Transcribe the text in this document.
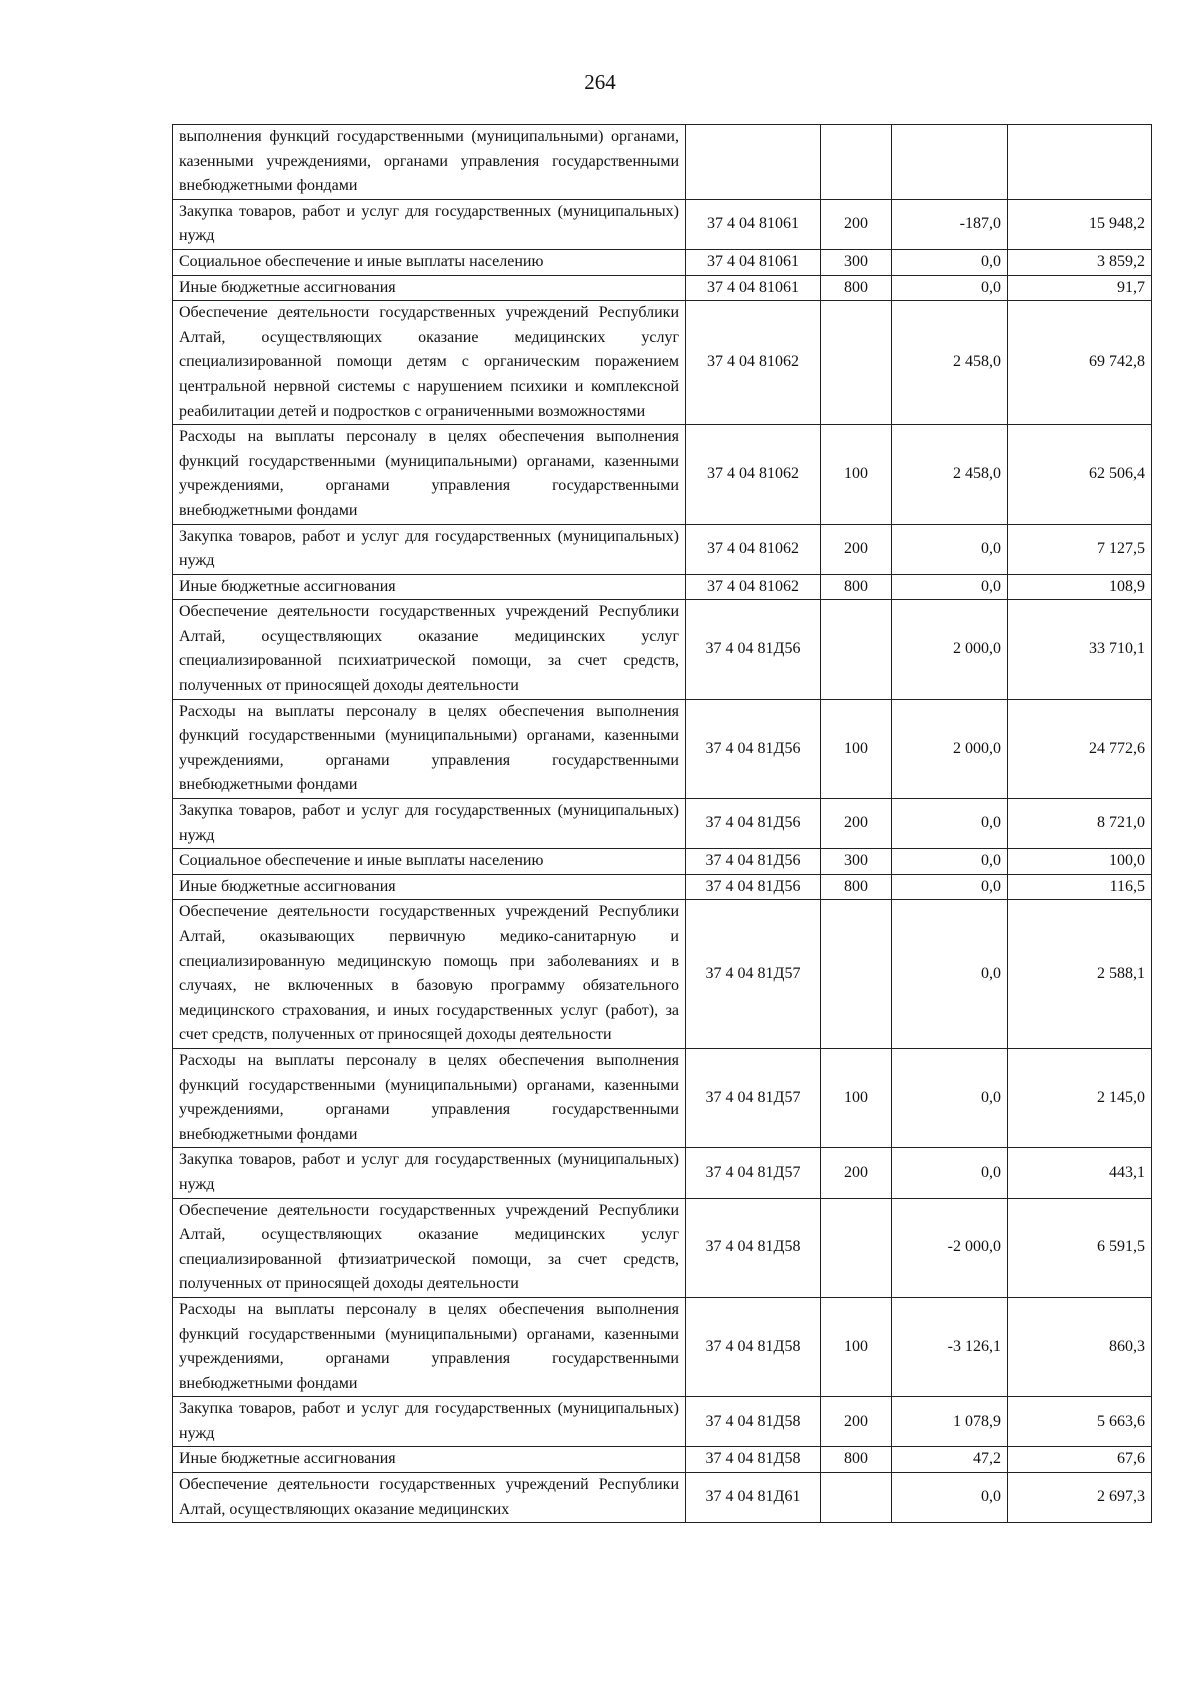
264
выполнения функций государственными (муниципальными) органами, казенными учреждениями, органами управления государственными внебюджетными фондами				
Закупка товаров, работ и услуг для государственных (муниципальных) нужд	37 4 04 81061	200	-187,0	15 948,2
Социальное обеспечение и иные выплаты населению	37 4 04 81061	300	0,0	3 859,2
Иные бюджетные ассигнования	37 4 04 81061	800	0,0	91,7
Обеспечение деятельности государственных учреждений Республики Алтай, осуществляющих оказание медицинских услуг специализированной помощи детям с органическим поражением центральной нервной системы с нарушением психики и комплексной реабилитации детей и подростков с ограниченными возможностями	37 4 04 81062		2 458,0	69 742,8
Расходы на выплаты персоналу в целях обеспечения выполнения функций государственными (муниципальными) органами, казенными учреждениями, органами управления государственными внебюджетными фондами	37 4 04 81062	100	2 458,0	62 506,4
Закупка товаров, работ и услуг для государственных (муниципальных) нужд	37 4 04 81062	200	0,0	7 127,5
Иные бюджетные ассигнования	37 4 04 81062	800	0,0	108,9
Обеспечение деятельности государственных учреждений Республики Алтай, осуществляющих оказание медицинских услуг специализированной психиатрической помощи, за счет средств, полученных от приносящей доходы деятельности	37 4 04 81Д56		2 000,0	33 710,1
Расходы на выплаты персоналу в целях обеспечения выполнения функций государственными (муниципальными) органами, казенными учреждениями, органами управления государственными внебюджетными фондами	37 4 04 81Д56	100	2 000,0	24 772,6
Закупка товаров, работ и услуг для государственных (муниципальных) нужд	37 4 04 81Д56	200	0,0	8 721,0
Социальное обеспечение и иные выплаты населению	37 4 04 81Д56	300	0,0	100,0
Иные бюджетные ассигнования	37 4 04 81Д56	800	0,0	116,5
Обеспечение деятельности государственных учреждений Республики Алтай, оказывающих первичную медико-санитарную и специализированную медицинскую помощь при заболеваниях и в случаях, не включенных в базовую программу обязательного медицинского страхования, и иных государственных услуг (работ), за счет средств, полученных от приносящей доходы деятельности	37 4 04 81Д57		0,0	2 588,1
Расходы на выплаты персоналу в целях обеспечения выполнения функций государственными (муниципальными) органами, казенными учреждениями, органами управления государственными внебюджетными фондами	37 4 04 81Д57	100	0,0	2 145,0
Закупка товаров, работ и услуг для государственных (муниципальных) нужд	37 4 04 81Д57	200	0,0	443,1
Обеспечение деятельности государственных учреждений Республики Алтай, осуществляющих оказание медицинских услуг специализированной фтизиатрической помощи, за счет средств, полученных от приносящей доходы деятельности	37 4 04 81Д58		-2 000,0	6 591,5
Расходы на выплаты персоналу в целях обеспечения выполнения функций государственными (муниципальными) органами, казенными учреждениями, органами управления государственными внебюджетными фондами	37 4 04 81Д58	100	-3 126,1	860,3
Закупка товаров, работ и услуг для государственных (муниципальных) нужд	37 4 04 81Д58	200	1 078,9	5 663,6
Иные бюджетные ассигнования	37 4 04 81Д58	800	47,2	67,6
Обеспечение деятельности государственных учреждений Республики Алтай, осуществляющих оказание медицинских	37 4 04 81Д61		0,0	2 697,3
